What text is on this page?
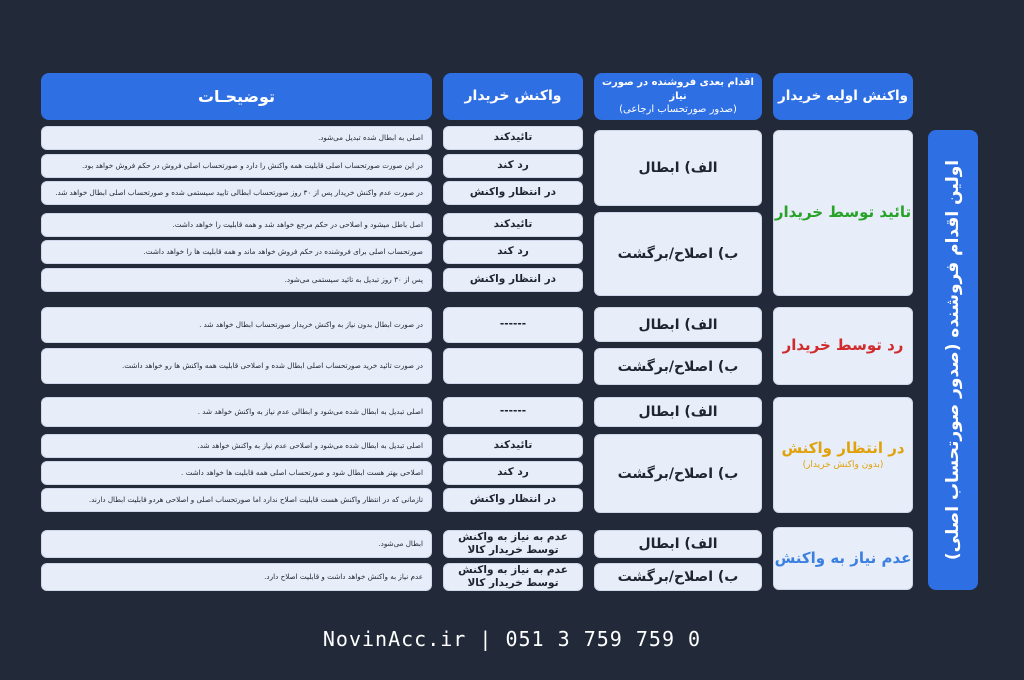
واکنش اولیه خریدار
اقدام بعدی فروشنده در صورت نیاز
(صدور صورتحساب ارجاعی)
واکنش خریدار
توضیحـات
اولین اقدام فروشنده (صدور صورتحساب اصلی)
تائید توسط خریدار
رد توسط خریدار
در انتظار واکنش
(بدون واکنش خریدار)
عدم نیاز به واکنش
الف) ابطال
ب) اصلاح/برگشت
الف) ابطال
ب) اصلاح/برگشت
الف) ابطال
ب) اصلاح/برگشت
الف) ابطال
ب) اصلاح/برگشت
تائیدکند
رد کند
در انتظار واکنش
تائیدکند
رد کند
در انتظار واکنش
------
------
تائیدکند
رد کند
در انتظار واکنش
عدم به نیاز به واکنش
توسط خریدار کالا
عدم به نیاز به واکنش
توسط خریدار کالا
اصلی به ابطال شده تبدیل می‌شود.
در این صورت صورتحساب اصلی قابلیت همه واکنش را دارد و صورتحساب اصلی فروش در حکم فروش خواهد بود.
در صورت عدم واکنش خریدار پس از ۳۰ روز صورتحساب ابطالی تایید سیستمی شده و صورتحساب اصلی ابطال خواهد شد.
اصل باطل میشود و اصلاحی در حکم مرجع خواهد شد و همه قابلیت را خواهد داشت.
صورتحساب اصلی برای فروشنده در حکم فروش خواهد ماند و همه قابلیت ها را خواهد داشت.
پس از ۳۰ روز تبدیل به تائید سیستمی می‌شود.
در صورت ابطال بدون نیاز به واکنش خریدار صورتحساب ابطال خواهد شد .
در صورت تائید خرید صورتحساب اصلی ابطال شده و اصلاحی قابلیت همه واکنش ها رو خواهد داشت.
اصلی تبدیل به ابطال شده می‌شود و ابطالی عدم نیاز به واکنش خواهد شد .
اصلی تبدیل به ابطال شده می‌شود و اصلاحی عدم نیاز به واکنش خواهد شد.
اصلاحی بهتر هست ابطال شود و صورتحساب اصلی همه قابلیت ها خواهد داشت .
تازمانی که در انتظار واکنش هست قابلیت اصلاح ندارد اما صورتحساب اصلی و اصلاحی هردو قابلیت ابطال دارند.
ابطال می‌شود.
عدم نیاز به واکنش خواهد داشت و قابلیت اصلاح دارد.
NovinAcc.ir | 051 3 759 759 0
